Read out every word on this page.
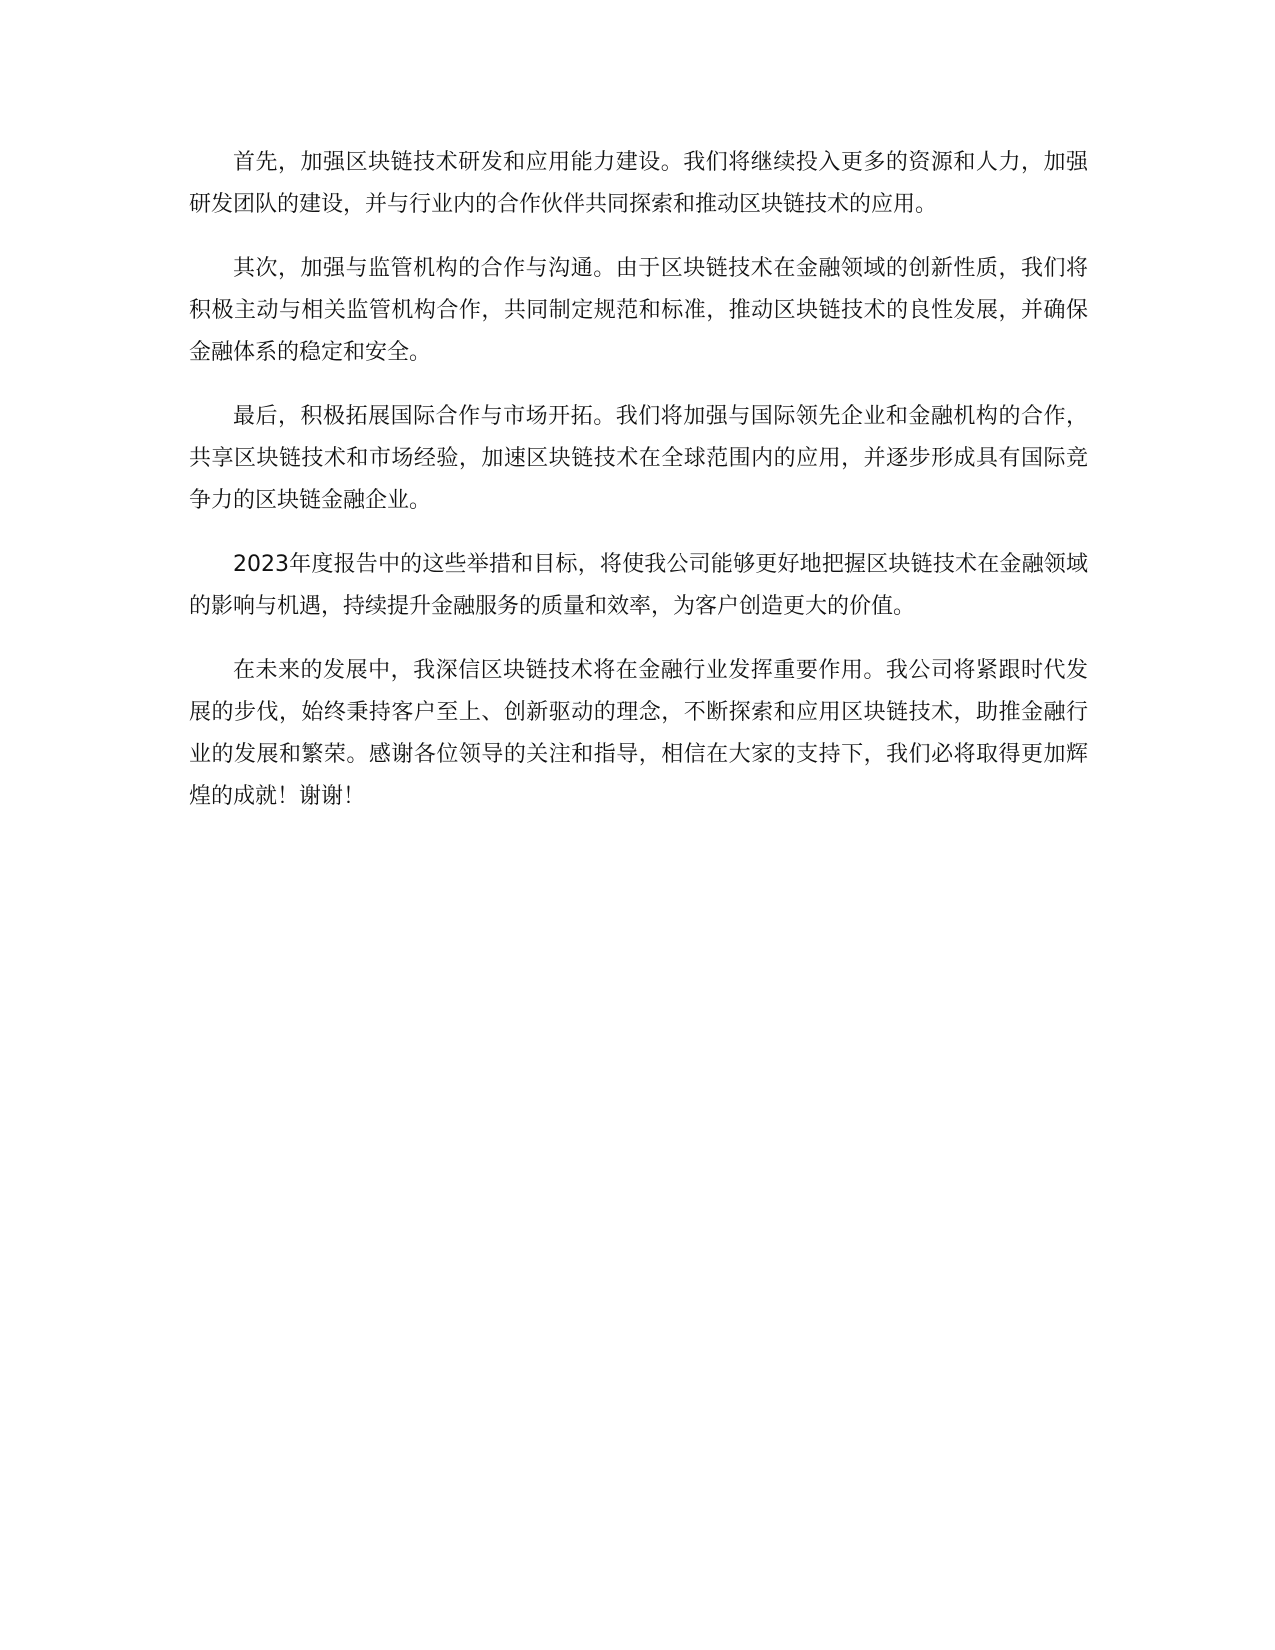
首先，加强区块链技术研发和应用能力建设。我们将继续投入更多的资源和人力，加强研发团队的建设，并与行业内的合作伙伴共同探索和推动区块链技术的应用。

其次，加强与监管机构的合作与沟通。由于区块链技术在金融领域的创新性质，我们将积极主动与相关监管机构合作，共同制定规范和标准，推动区块链技术的良性发展，并确保金融体系的稳定和安全。

最后，积极拓展国际合作与市场开拓。我们将加强与国际领先企业和金融机构的合作，共享区块链技术和市场经验，加速区块链技术在全球范围内的应用，并逐步形成具有国际竞争力的区块链金融企业。

2023年度报告中的这些举措和目标，将使我公司能够更好地把握区块链技术在金融领域的影响与机遇，持续提升金融服务的质量和效率，为客户创造更大的价值。

在未来的发展中，我深信区块链技术将在金融行业发挥重要作用。我公司将紧跟时代发展的步伐，始终秉持客户至上、创新驱动的理念，不断探索和应用区块链技术，助推金融行业的发展和繁荣。感谢各位领导的关注和指导，相信在大家的支持下，我们必将取得更加辉煌的成就！谢谢！
